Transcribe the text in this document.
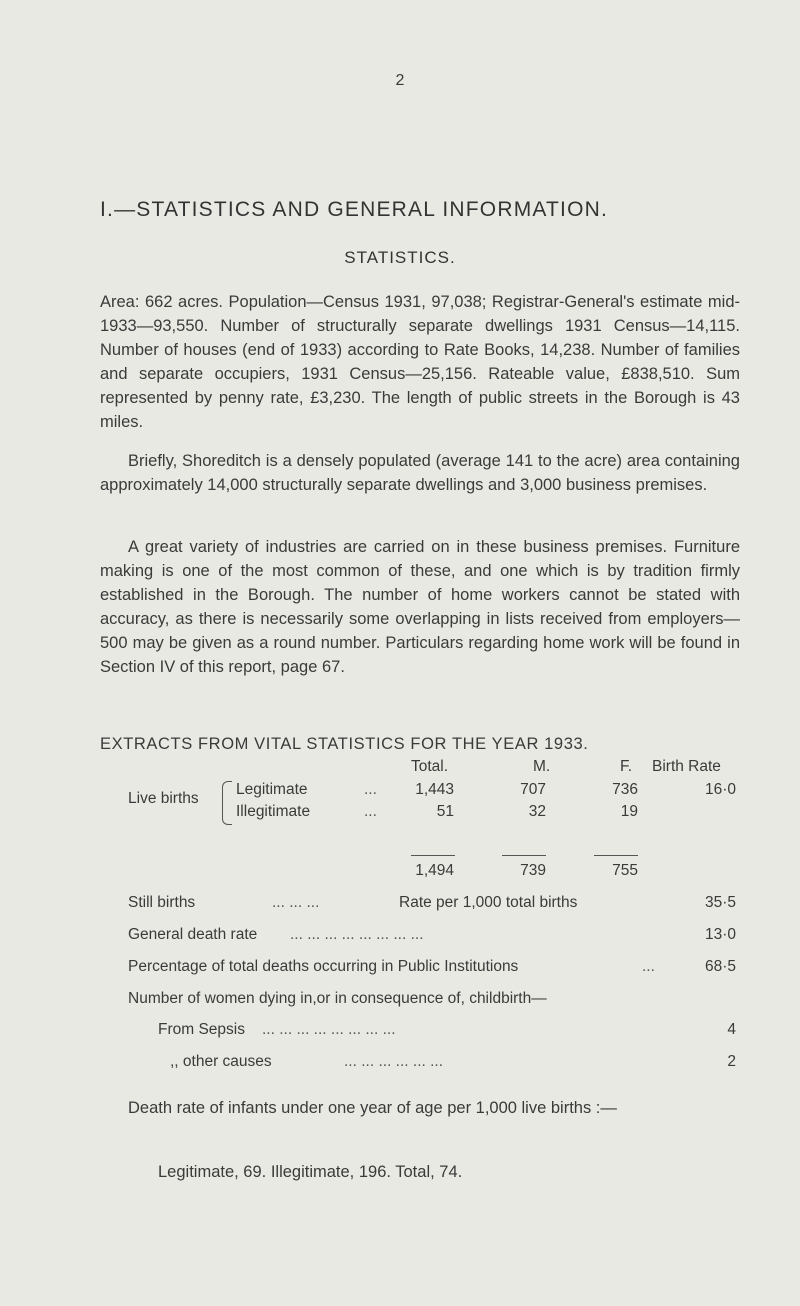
2
I.—STATISTICS AND GENERAL INFORMATION.
STATISTICS.
Area: 662 acres. Population—Census 1931, 97,038; Registrar-General's estimate mid-1933—93,550. Number of structurally separate dwellings 1931 Census—14,115. Number of houses (end of 1933) according to Rate Books, 14,238. Number of families and separate occupiers, 1931 Census—25,156. Rateable value, £838,510. Sum represented by penny rate, £3,230. The length of public streets in the Borough is 43 miles.
Briefly, Shoreditch is a densely populated (average 141 to the acre) area containing approximately 14,000 structurally separate dwellings and 3,000 business premises.
A great variety of industries are carried on in these business premises. Furniture making is one of the most common of these, and one which is by tradition firmly established in the Borough. The number of home workers cannot be stated with accuracy, as there is necessarily some overlapping in lists received from employers—500 may be given as a round number. Particulars regarding home work will be found in Section IV of this report, page 67.
EXTRACTS FROM VITAL STATISTICS FOR THE YEAR 1933.
Total.	M.	F. Birth Rate
Live births
Legitimate	...	1,443	707	736	16·0
Illegitimate	...	51	32	19
1,494	739	755
Still births	... ... ...	Rate per 1,000 total births	35·5
General death rate ... ... ... ... ... ... ... ...	13·0
Percentage of total deaths occurring in Public Institutions	...	68·5
Number of women dying in,or in consequence of, childbirth—
From Sepsis ... ... ... ... ... ... ... ...	4
,, other causes	... ... ... ... ... ...	2
Death rate of infants under one year of age per 1,000 live births :—
Legitimate, 69. Illegitimate, 196. Total, 74.
